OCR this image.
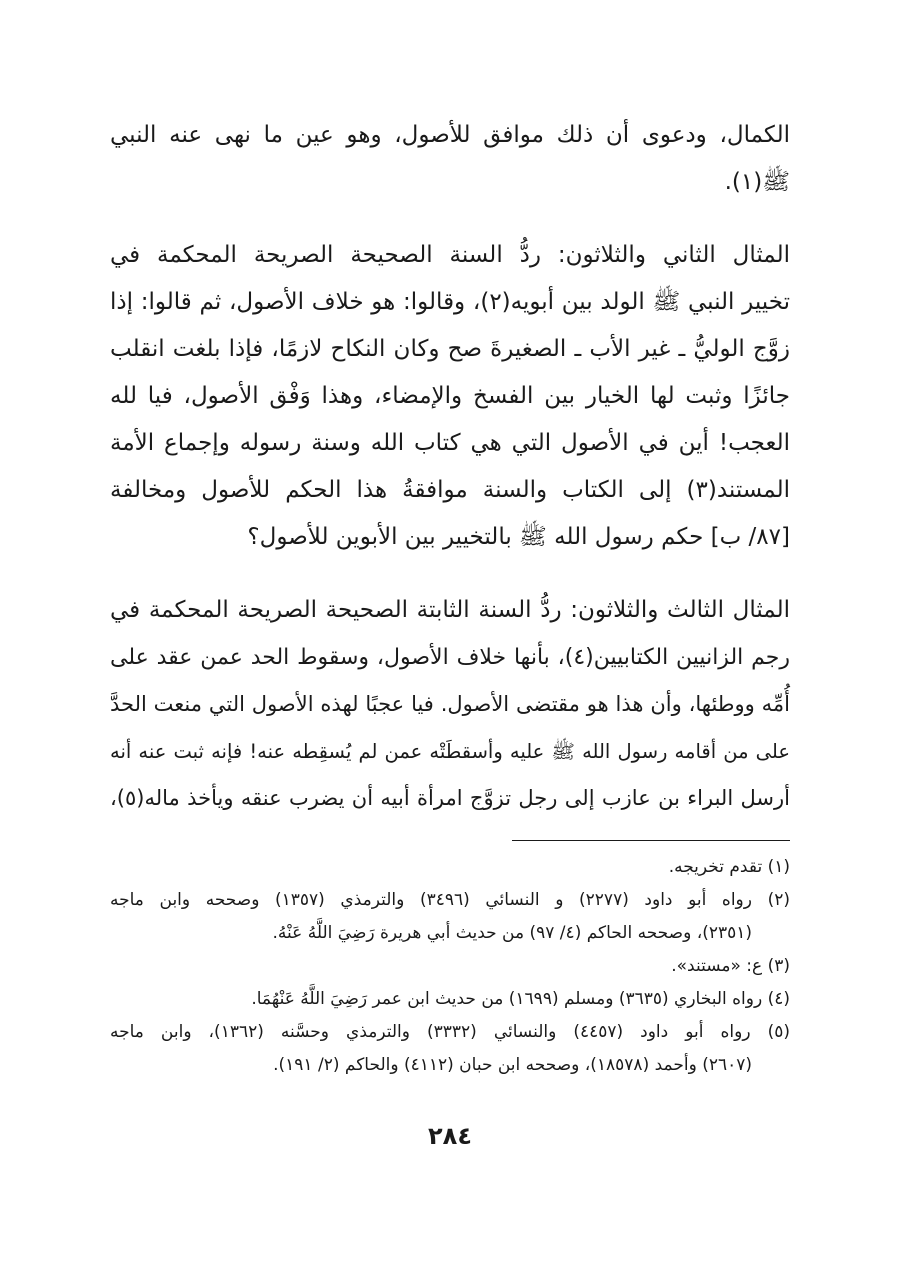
الكمال، ودعوى أن ذلك موافق للأصول، وهو عين ما نهى عنه النبي
ﷺ(١).
المثال الثاني والثلاثون: ردُّ السنة الصحيحة الصريحة المحكمة في
تخيير النبي ﷺ الولد بين أبويه(٢)، وقالوا: هو خلاف الأصول، ثم قالوا: إذا
زوَّج الوليُّ ـ غير الأب ـ الصغيرةَ صح وكان النكاح لازمًا، فإذا بلغت انقلب
جائزًا وثبت لها الخيار بين الفسخ والإمضاء، وهذا وَفْق الأصول، فيا لله
العجب! أين في الأصول التي هي كتاب الله وسنة رسوله وإجماع الأمة
المستند(٣) إلى الكتاب والسنة موافقةُ هذا الحكم للأصول ومخالفة
[٨٧/ ب] حكم رسول الله ﷺ بالتخيير بين الأبوين للأصول؟
المثال الثالث والثلاثون: ردُّ السنة الثابتة الصحيحة الصريحة المحكمة في
رجم الزانيين الكتابيين(٤)، بأنها خلاف الأصول، وسقوط الحد عمن عقد على
أُمِّه ووطئها، وأن هذا هو مقتضى الأصول. فيا عجبًا لهذه الأصول التي منعت الحدَّ
على من أقامه رسول الله ﷺ عليه وأسقطَتْه عمن لم يُسقِطه عنه! فإنه ثبت عنه أنه
أرسل البراء بن عازب إلى رجل تزوَّج امرأة أبيه أن يضرب عنقه ويأخذ ماله(٥)،
(١) تقدم تخريجه.
(٢) رواه أبو داود (٢٢٧٧) و النسائي (٣٤٩٦) والترمذي (١٣٥٧) وصححه وابن ماجه
(٢٣٥١)، وصححه الحاكم (٤/ ٩٧) من حديث أبي هريرة رَضِيَ اللَّهُ عَنْهُ.
(٣) ع: «مستند».
(٤) رواه البخاري (٣٦٣٥) ومسلم (١٦٩٩) من حديث ابن عمر رَضِيَ اللَّهُ عَنْهُمَا.
(٥) رواه أبو داود (٤٤٥٧) والنسائي (٣٣٣٢) والترمذي وحسَّنه (١٣٦٢)، وابن ماجه
(٢٦٠٧) وأحمد (١٨٥٧٨)، وصححه ابن حبان (٤١١٢) والحاكم (٢/ ١٩١).
٢٨٤
